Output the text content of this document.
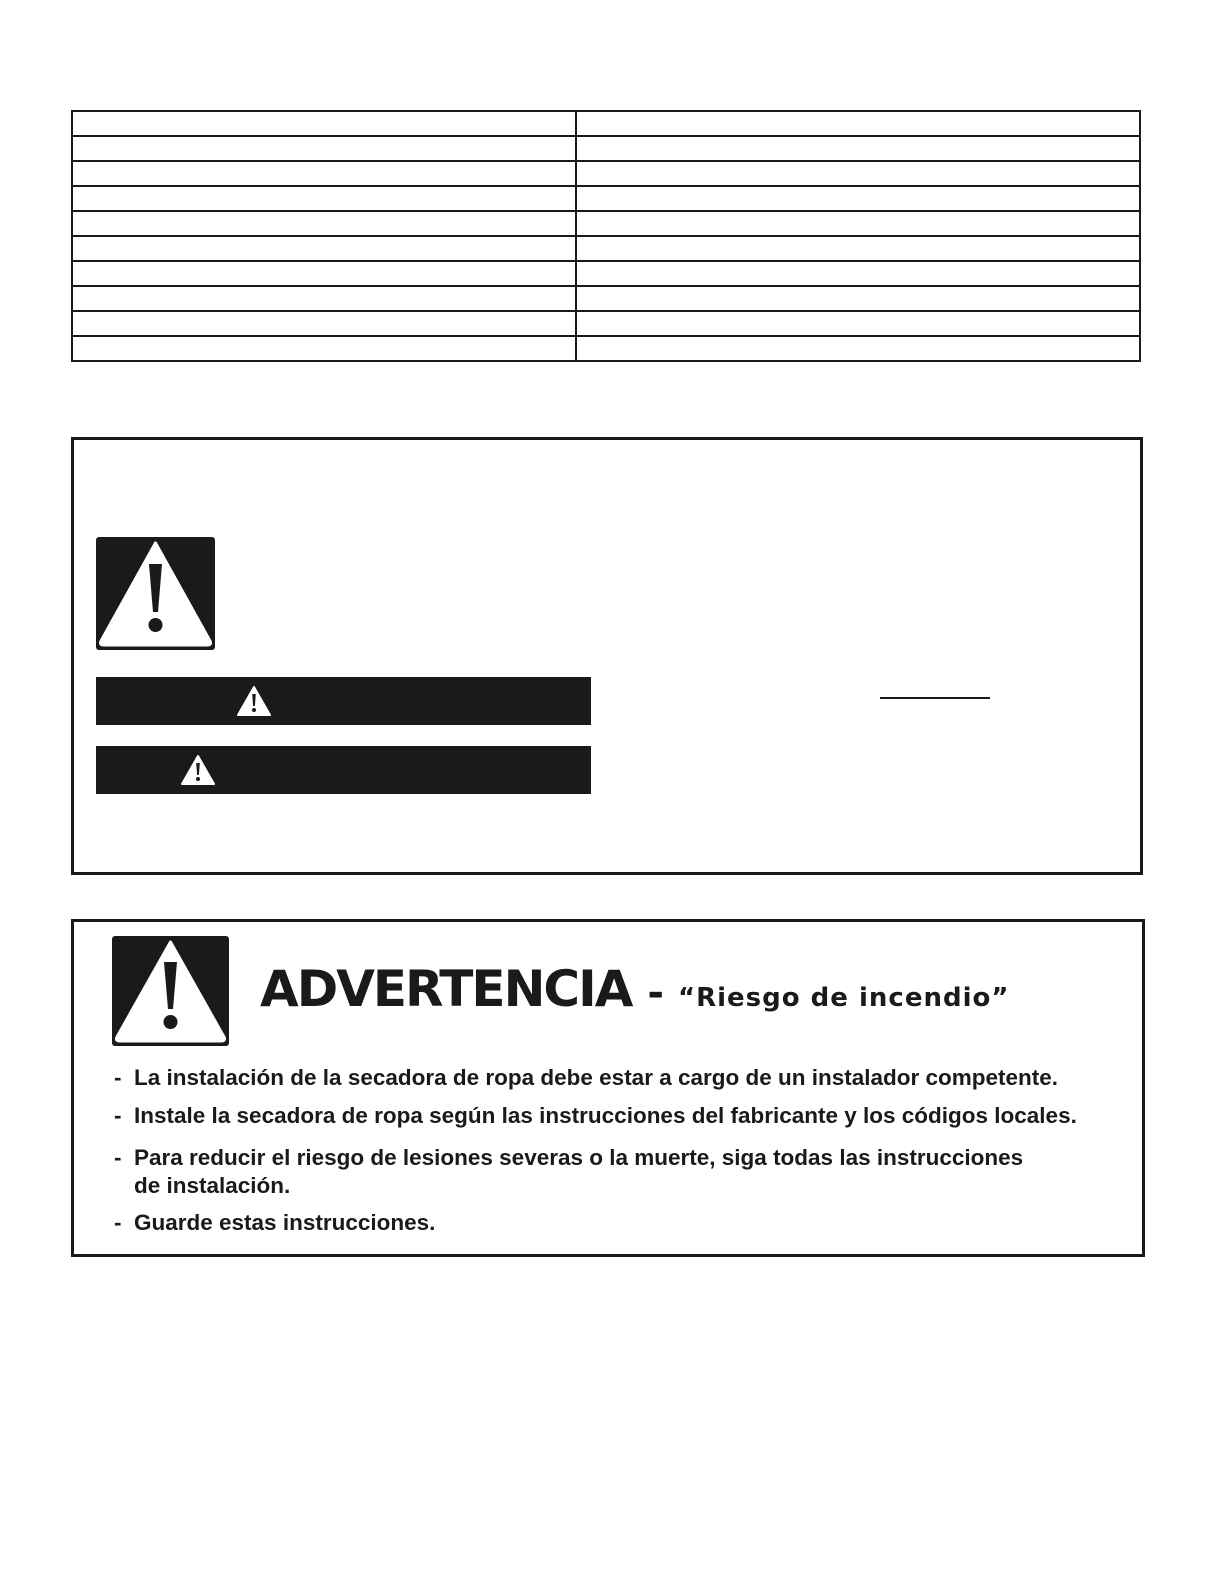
ADVERTENCIA - “Riesgo de incendio”
- La instalación de la secadora de ropa debe estar a cargo de un instalador competente.
- Instale la secadora de ropa según las instrucciones del fabricante y los códigos locales.
- Para reducir el riesgo de lesiones severas o la muerte, siga todas las instrucciones
de instalación.
- Guarde estas instrucciones.
